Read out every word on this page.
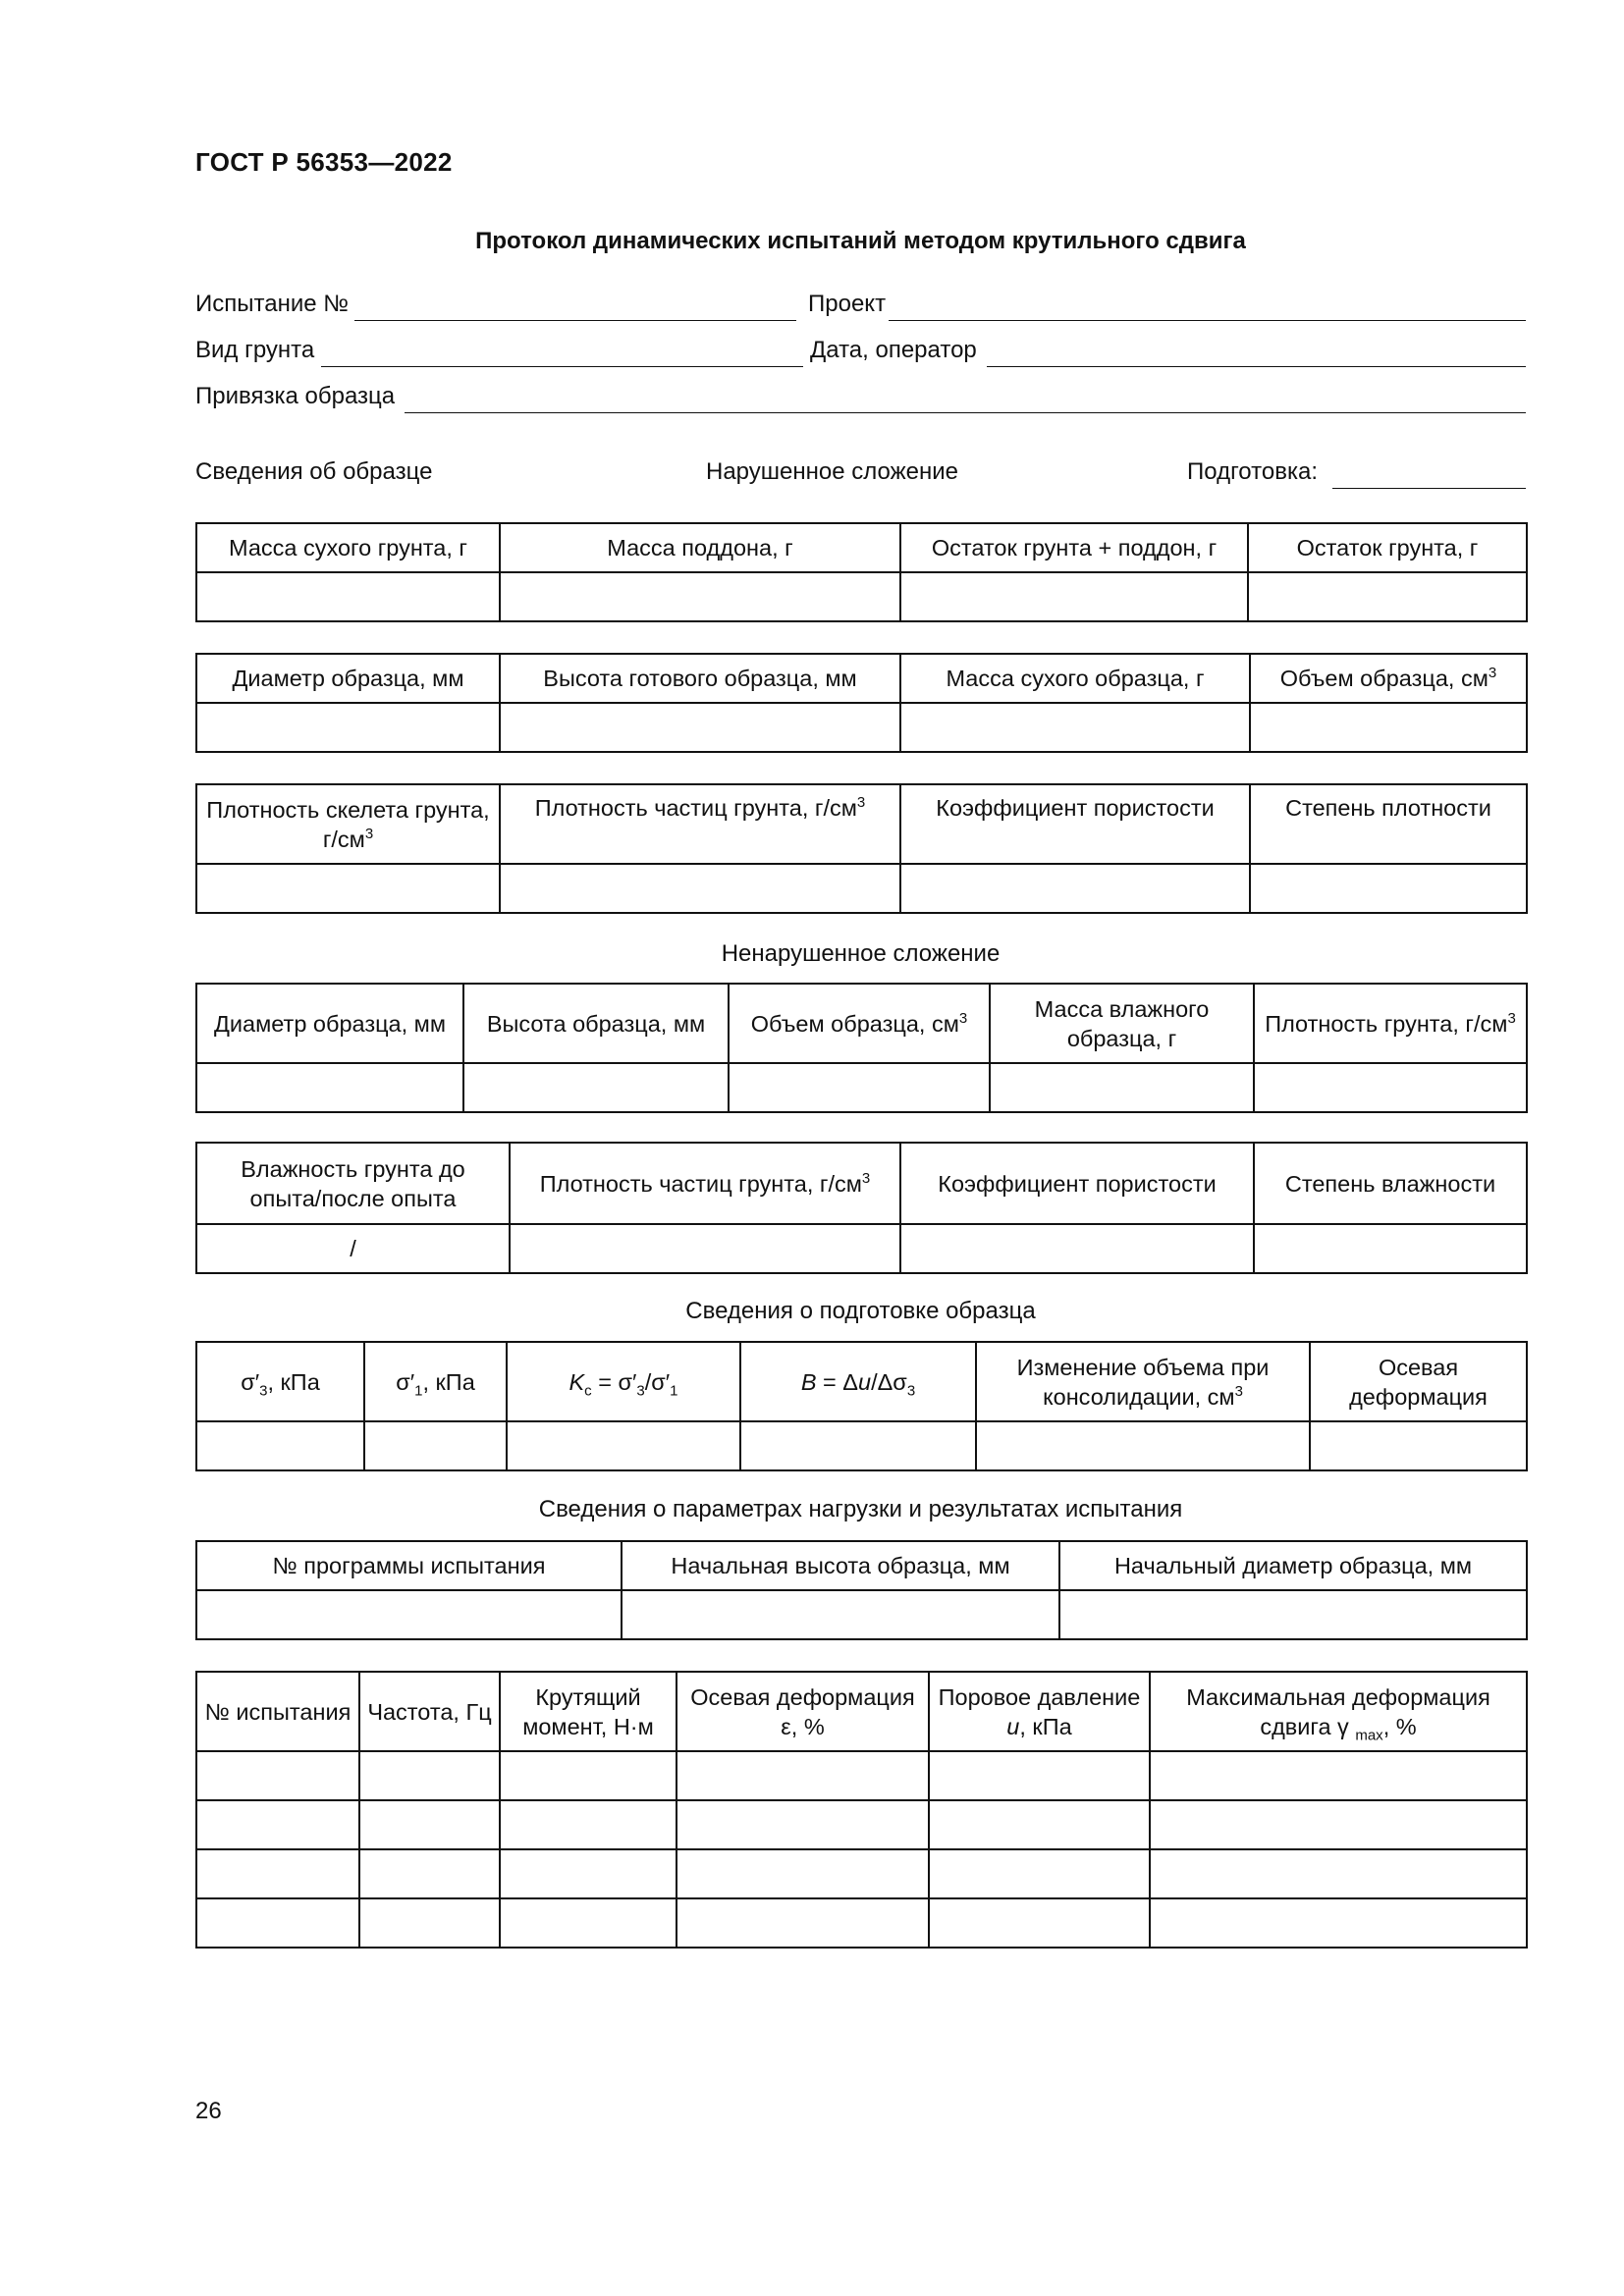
ГОСТ Р 56353—2022
Протокол динамических испытаний методом крутильного сдвига
Испытание №	Проект
Вид грунта	Дата, оператор
Привязка образца
Сведения об образце	Нарушенное сложение	Подготовка:
Масса сухого грунта, г	Масса поддона, г	Остаток грунта + поддон, г	Остаток грунта, г

Диаметр образца, мм	Высота готового образца, мм	Масса сухого образца, г	Объем образца, $см^3$

Плотность скелета грунта, $г/см^3$	Плотность частиц грунта, $г/см^3$	Коэффициент пористости	Степень плотности

Ненарушенное сложение
Диаметр образца, мм	Высота образца, мм	Объем образца, $см^3$	Масса влажного образца, г	Плотность грунта, $г/см^3$

Влажность грунта до опыта/после опыта	Плотность частиц грунта, $г/см^3$	Коэффициент пористости	Степень влажности
/			
Сведения о подготовке образца
$\sigma'_3$, кПа	$\sigma'_1$, кПа	$K_c = \sigma'_3/\sigma'_1$	$B = \Delta u/\Delta\sigma_3$	Изменение объема при консолидации, $см^3$	Осевая деформация

Сведения о параметрах нагрузки и результатах испытания
№ программы испытания	Начальная высота образца, мм	Начальный диаметр образца, мм

№ испытания	Частота, Гц	Крутящий момент, Н·м	Осевая деформация ε, %	Поровое давление u, кПа	Максимальная деформация сдвига γ $_{max}$, %

26
